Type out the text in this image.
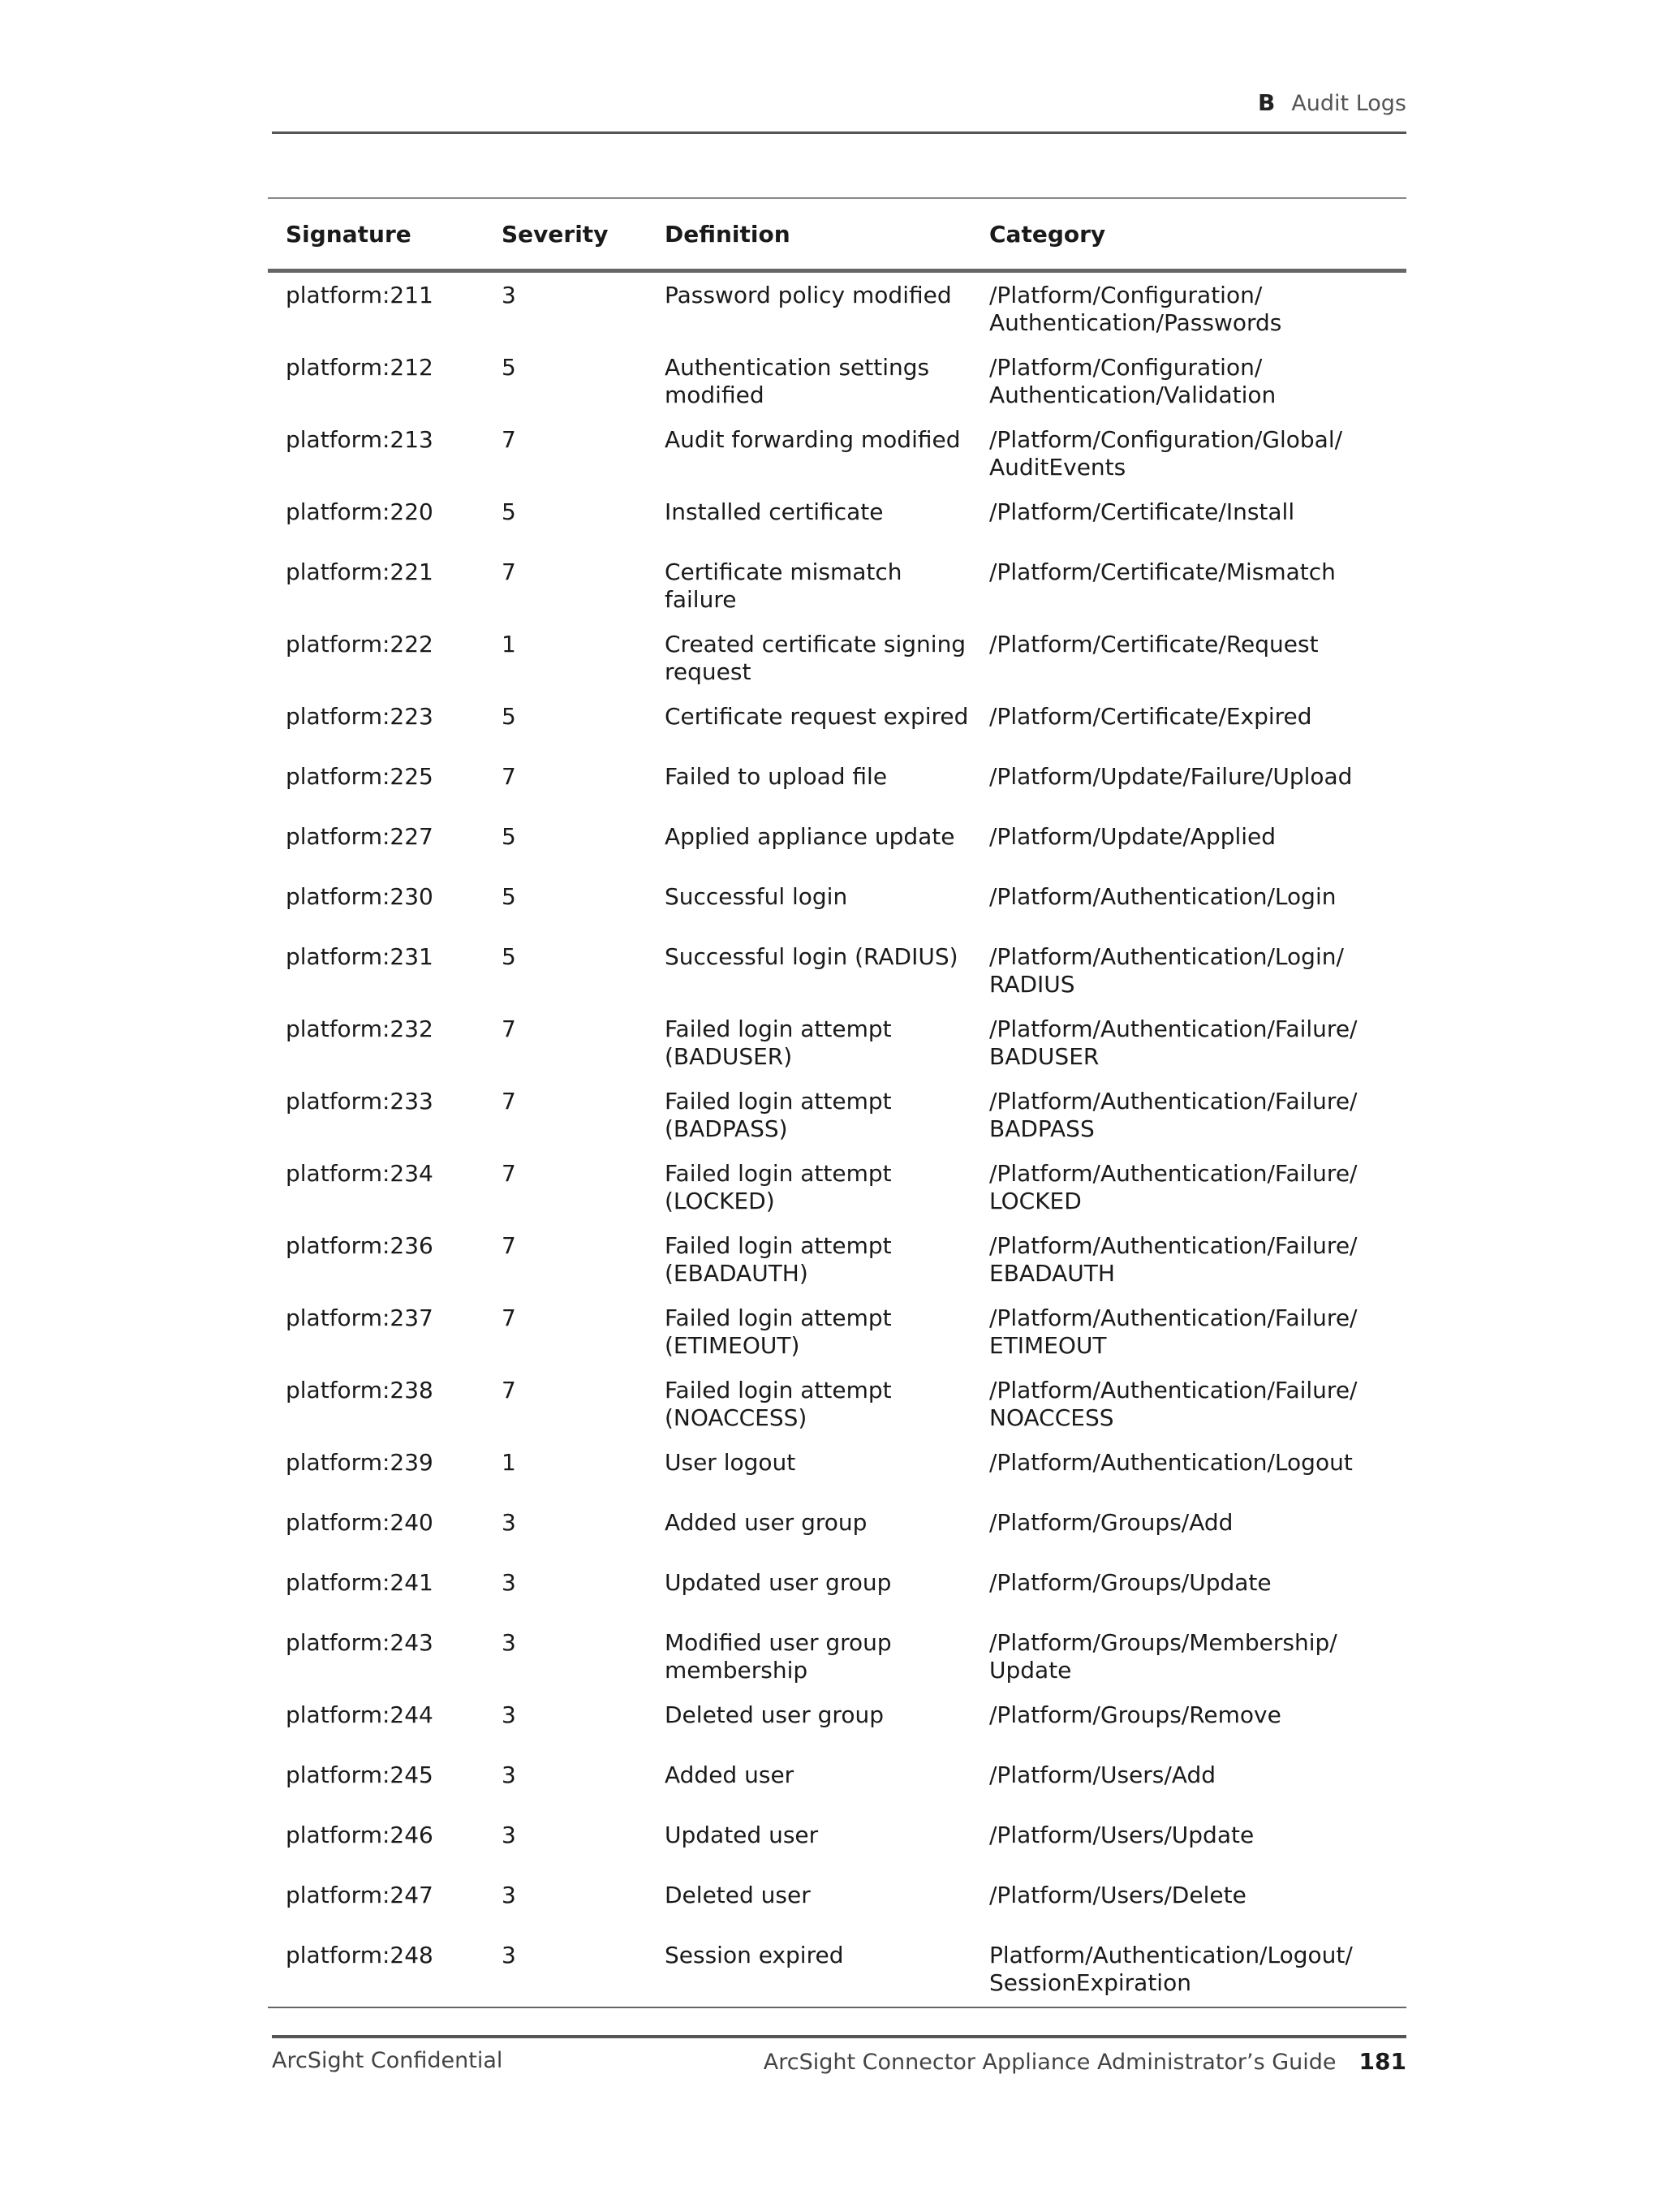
B Audit Logs
Signature	Severity	Definition	Category
platform:211	3	Password policy modified	/Platform/Configuration/ Authentication/Passwords
platform:212	5	Authentication settings modified	/Platform/Configuration/ Authentication/Validation
platform:213	7	Audit forwarding modified	/Platform/Configuration/Global/ AuditEvents
platform:220	5	Installed certificate	/Platform/Certificate/Install
platform:221	7	Certificate mismatch failure	/Platform/Certificate/Mismatch
platform:222	1	Created certificate signing request	/Platform/Certificate/Request
platform:223	5	Certificate request expired	/Platform/Certificate/Expired
platform:225	7	Failed to upload file	/Platform/Update/Failure/Upload
platform:227	5	Applied appliance update	/Platform/Update/Applied
platform:230	5	Successful login	/Platform/Authentication/Login
platform:231	5	Successful login (RADIUS)	/Platform/Authentication/Login/ RADIUS
platform:232	7	Failed login attempt (BADUSER)	/Platform/Authentication/Failure/ BADUSER
platform:233	7	Failed login attempt (BADPASS)	/Platform/Authentication/Failure/ BADPASS
platform:234	7	Failed login attempt (LOCKED)	/Platform/Authentication/Failure/ LOCKED
platform:236	7	Failed login attempt (EBADAUTH)	/Platform/Authentication/Failure/ EBADAUTH
platform:237	7	Failed login attempt (ETIMEOUT)	/Platform/Authentication/Failure/ ETIMEOUT
platform:238	7	Failed login attempt (NOACCESS)	/Platform/Authentication/Failure/ NOACCESS
platform:239	1	User logout	/Platform/Authentication/Logout
platform:240	3	Added user group	/Platform/Groups/Add
platform:241	3	Updated user group	/Platform/Groups/Update
platform:243	3	Modified user group membership	/Platform/Groups/Membership/ Update
platform:244	3	Deleted user group	/Platform/Groups/Remove
platform:245	3	Added user	/Platform/Users/Add
platform:246	3	Updated user	/Platform/Users/Update
platform:247	3	Deleted user	/Platform/Users/Delete
platform:248	3	Session expired	Platform/Authentication/Logout/ SessionExpiration
ArcSight Confidential	ArcSight Connector Appliance Administrator’s Guide 181
